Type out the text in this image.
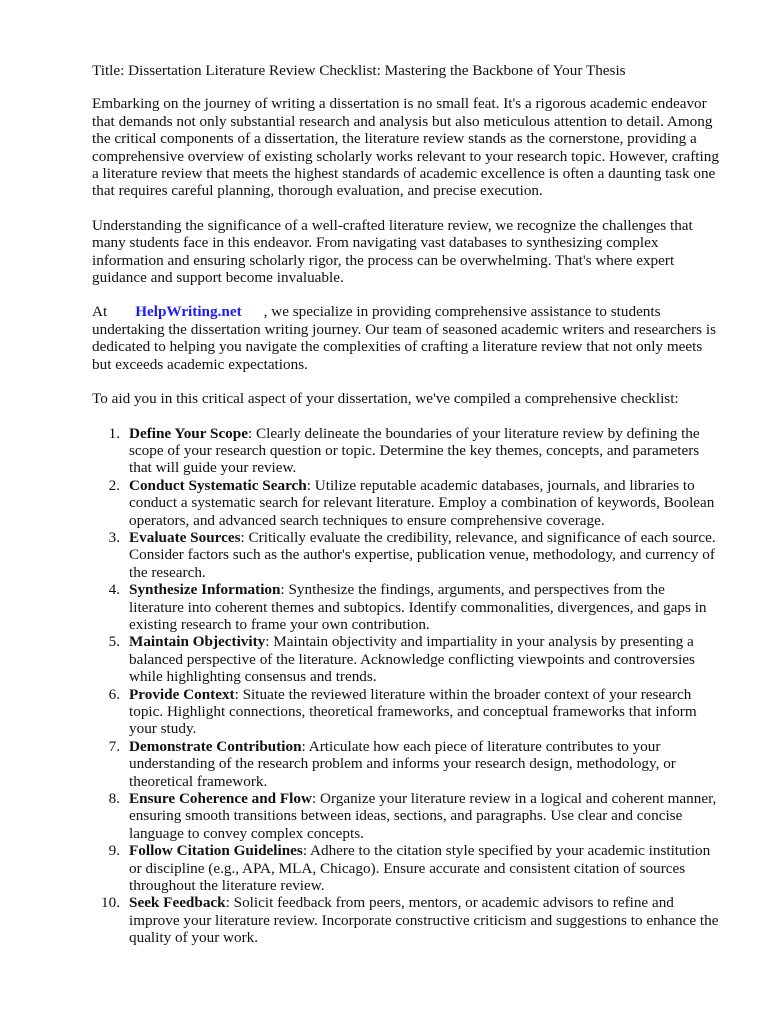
Title: Dissertation Literature Review Checklist: Mastering the Backbone of Your Thesis

Embarking on the journey of writing a dissertation is no small feat. It's a rigorous academic endeavor that demands not only substantial research and analysis but also meticulous attention to detail. Among the critical components of a dissertation, the literature review stands as the cornerstone, providing a comprehensive overview of existing scholarly works relevant to your research topic. However, crafting a literature review that meets the highest standards of academic excellence is often a daunting task one that requires careful planning, thorough evaluation, and precise execution.

Understanding the significance of a well-crafted literature review, we recognize the challenges that many students face in this endeavor. From navigating vast databases to synthesizing complex information and ensuring scholarly rigor, the process can be overwhelming. That's where expert guidance and support become invaluable.

At HelpWriting.net , we specialize in providing comprehensive assistance to students undertaking the dissertation writing journey. Our team of seasoned academic writers and researchers is dedicated to helping you navigate the complexities of crafting a literature review that not only meets but exceeds academic expectations.

To aid you in this critical aspect of your dissertation, we've compiled a comprehensive checklist:

1. Define Your Scope: Clearly delineate the boundaries of your literature review by defining the scope of your research question or topic. Determine the key themes, concepts, and parameters that will guide your review.
2. Conduct Systematic Search: Utilize reputable academic databases, journals, and libraries to conduct a systematic search for relevant literature. Employ a combination of keywords, Boolean operators, and advanced search techniques to ensure comprehensive coverage.
3. Evaluate Sources: Critically evaluate the credibility, relevance, and significance of each source. Consider factors such as the author's expertise, publication venue, methodology, and currency of the research.
4. Synthesize Information: Synthesize the findings, arguments, and perspectives from the literature into coherent themes and subtopics. Identify commonalities, divergences, and gaps in existing research to frame your own contribution.
5. Maintain Objectivity: Maintain objectivity and impartiality in your analysis by presenting a balanced perspective of the literature. Acknowledge conflicting viewpoints and controversies while highlighting consensus and trends.
6. Provide Context: Situate the reviewed literature within the broader context of your research topic. Highlight connections, theoretical frameworks, and conceptual frameworks that inform your study.
7. Demonstrate Contribution: Articulate how each piece of literature contributes to your understanding of the research problem and informs your research design, methodology, or theoretical framework.
8. Ensure Coherence and Flow: Organize your literature review in a logical and coherent manner, ensuring smooth transitions between ideas, sections, and paragraphs. Use clear and concise language to convey complex concepts.
9. Follow Citation Guidelines: Adhere to the citation style specified by your academic institution or discipline (e.g., APA, MLA, Chicago). Ensure accurate and consistent citation of sources throughout the literature review.
10. Seek Feedback: Solicit feedback from peers, mentors, or academic advisors to refine and improve your literature review. Incorporate constructive criticism and suggestions to enhance the quality of your work.
